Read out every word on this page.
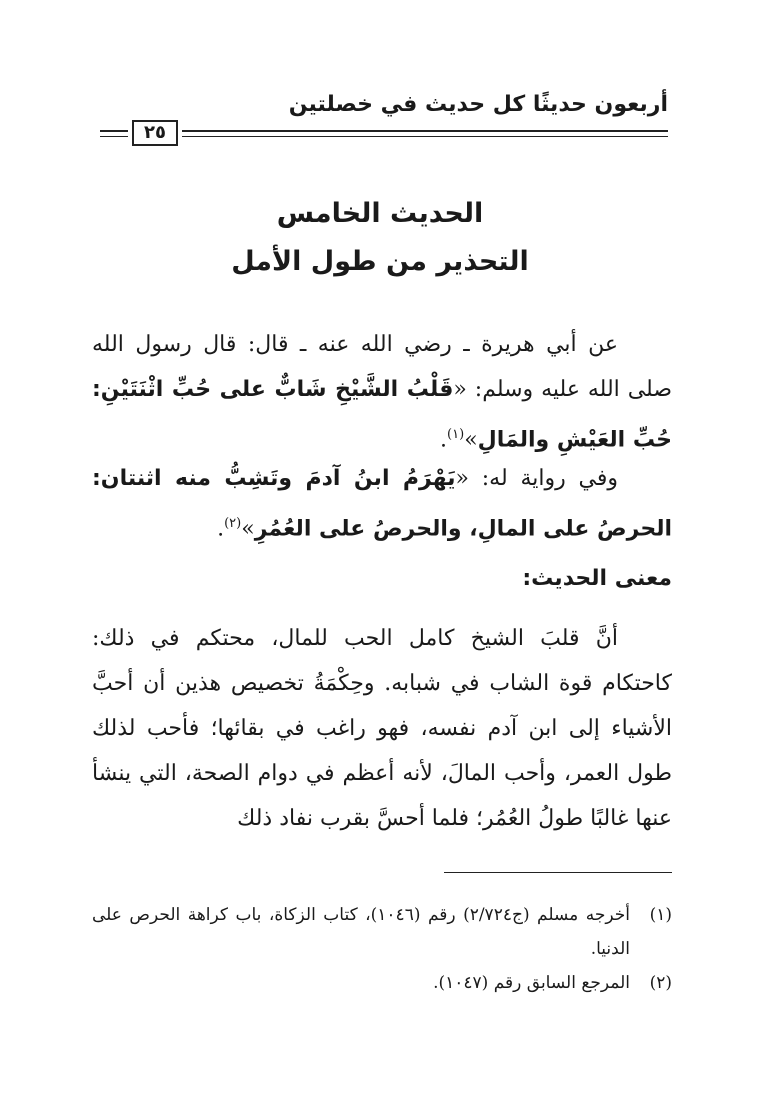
أربعون حديثًا كل حديث في خصلتين
٢٥
الحديث الخامس
التحذير من طول الأمل
عن أبي هريرة ـ رضي الله عنه ـ قال: قال رسول الله صلى الله عليه وسلم: «قَلْبُ الشَّيْخِ شَابٌّ على حُبِّ اثْنَتَيْنِ: حُبِّ العَيْشِ والمَالِ»$^{(١)}$.
وفي رواية له: «يَهْرَمُ ابنُ آدمَ وتَشِبُّ منه اثنتان: الحرصُ على المالِ، والحرصُ على العُمُرِ»$^{(٢)}$.
معنى الحديث:
أنَّ قلبَ الشيخ كامل الحب للمال، محتكم في ذلك: كاحتكام قوة الشاب في شبابه. وحِكْمَةُ تخصيص هذين أن أحبَّ الأشياء إلى ابن آدم نفسه، فهو راغب في بقائها؛ فأحب لذلك طول العمر، وأحب المالَ، لأنه أعظم في دوام الصحة، التي ينشأ عنها غالبًا طولُ العُمُر؛ فلما أحسَّ بقرب نفاد ذلك
(١)
أخرجه مسلم (ج٢/٧٢٤) رقم (١٠٤٦)، كتاب الزكاة، باب كراهة الحرص على الدنيا.
(٢)
المرجع السابق رقم (١٠٤٧).
